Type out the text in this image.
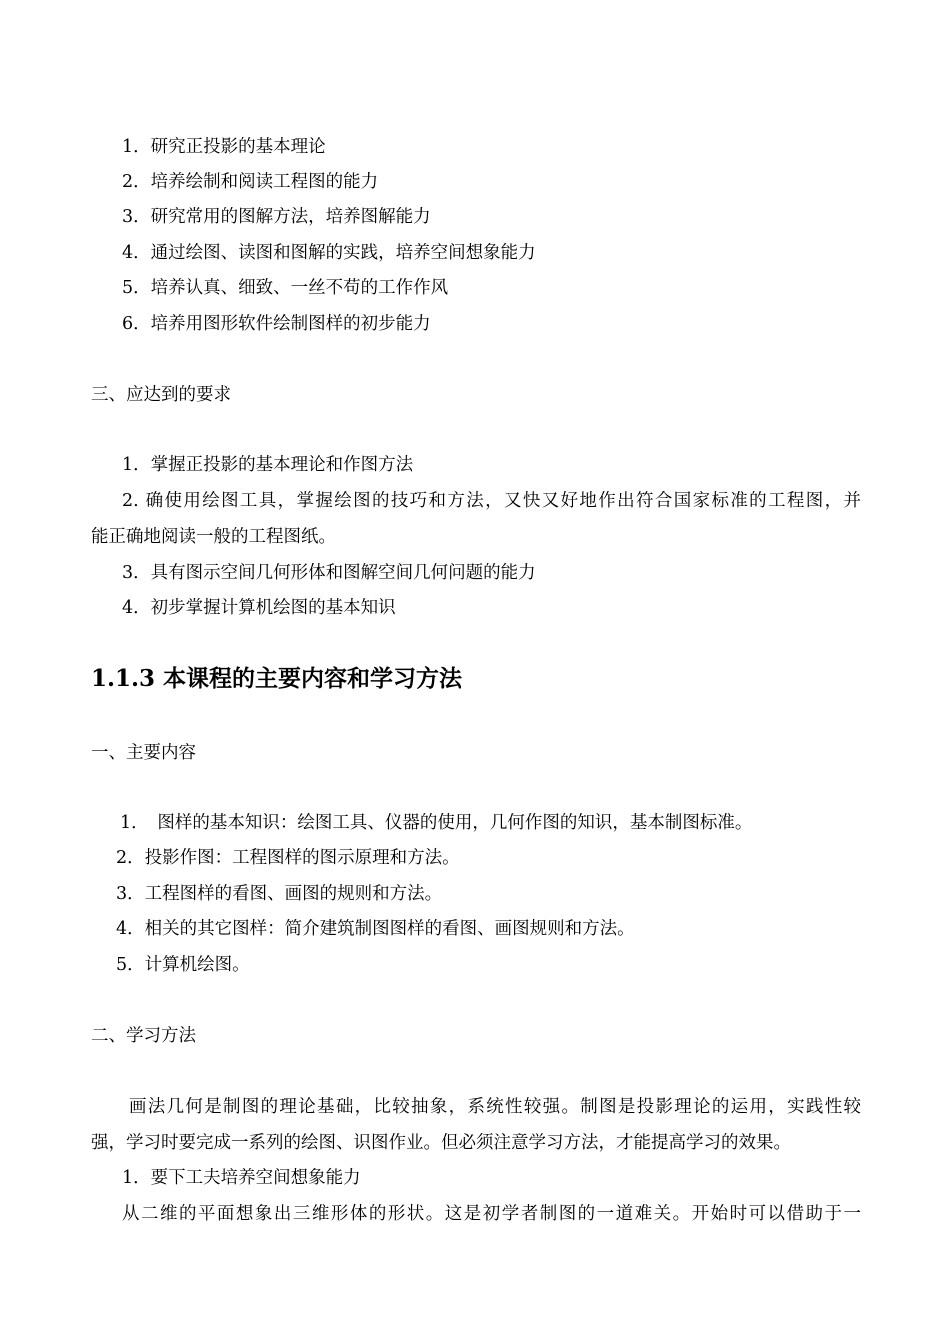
1．研究正投影的基本理论
2．培养绘制和阅读工程图的能力
3．研究常用的图解方法，培养图解能力
4．通过绘图、读图和图解的实践，培养空间想象能力
5．培养认真、细致、一丝不苟的工作作风
6．培养用图形软件绘制图样的初步能力
三、应达到的要求
1．掌握正投影的基本理论和作图方法
2. 确使用绘图工具，掌握绘图的技巧和方法，又快又好地作出符合国家标准的工程图，并
能正确地阅读一般的工程图纸。
3．具有图示空间几何形体和图解空间几何问题的能力
4．初步掌握计算机绘图的基本知识
1.1.3 本课程的主要内容和学习方法
一、主要内容
1．　图样的基本知识：绘图工具、仪器的使用，几何作图的知识，基本制图标准。
2．投影作图：工程图样的图示原理和方法。
3．工程图样的看图、画图的规则和方法。
4．相关的其它图样：简介建筑制图图样的看图、画图规则和方法。
5．计算机绘图。
二、学习方法
画法几何是制图的理论基础，比较抽象，系统性较强。制图是投影理论的运用，实践性较
强，学习时要完成一系列的绘图、识图作业。但必须注意学习方法，才能提高学习的效果。
1．要下工夫培养空间想象能力
从二维的平面想象出三维形体的形状。这是初学者制图的一道难关。开始时可以借助于一
